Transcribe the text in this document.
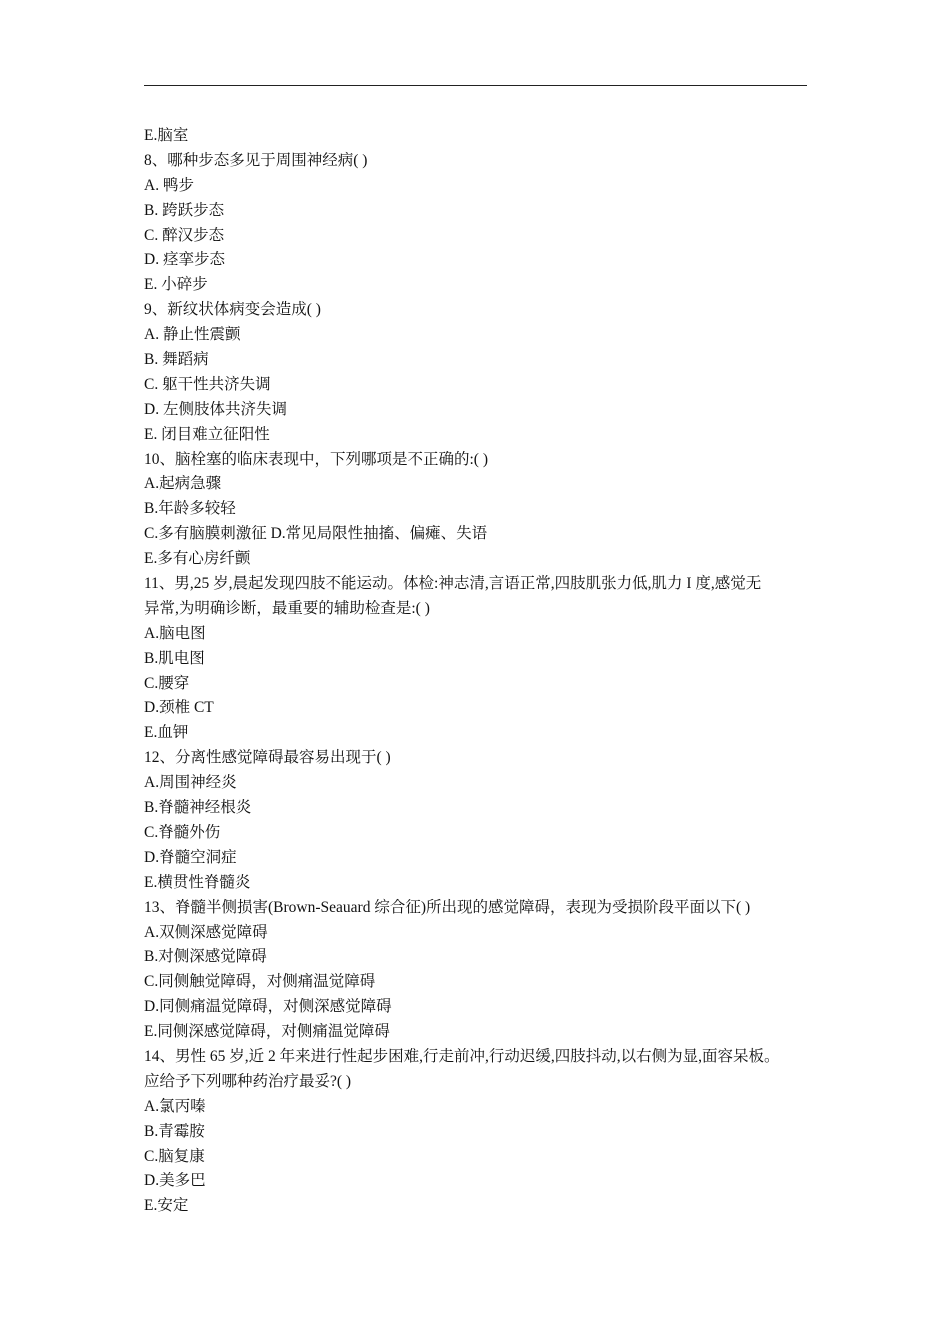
E.脑室
8、哪种步态多见于周围神经病( )
A. 鸭步
B. 跨跃步态
C. 醉汉步态
D. 痉挛步态
E. 小碎步
9、新纹状体病变会造成( )
A. 静止性震颤
B. 舞蹈病
C. 躯干性共济失调
D. 左侧肢体共济失调
E. 闭目难立征阳性
10、脑栓塞的临床表现中，下列哪项是不正确的:( )
A.起病急骤
B.年龄多较轻
C.多有脑膜刺激征 D.常见局限性抽搐、偏瘫、失语
E.多有心房纤颤
11、男,25 岁,晨起发现四肢不能运动。体检:神志清,言语正常,四肢肌张力低,肌力 I 度,感觉无
异常,为明确诊断，最重要的辅助检查是:( )
A.脑电图
B.肌电图
C.腰穿
D.颈椎 CT
E.血钾
12、分离性感觉障碍最容易出现于( )
A.周围神经炎
B.脊髓神经根炎
C.脊髓外伤
D.脊髓空洞症
E.横贯性脊髓炎
13、脊髓半侧损害(Brown-Seauard 综合征)所出现的感觉障碍，表现为受损阶段平面以下( )
A.双侧深感觉障碍
B.对侧深感觉障碍
C.同侧触觉障碍，对侧痛温觉障碍
D.同侧痛温觉障碍，对侧深感觉障碍
E.同侧深感觉障碍，对侧痛温觉障碍
14、男性 65 岁,近 2 年来进行性起步困难,行走前冲,行动迟缓,四肢抖动,以右侧为显,面容呆板。
应给予下列哪种药治疗最妥?( )
A.氯丙嗪
B.青霉胺
C.脑复康
D.美多巴
E.安定
